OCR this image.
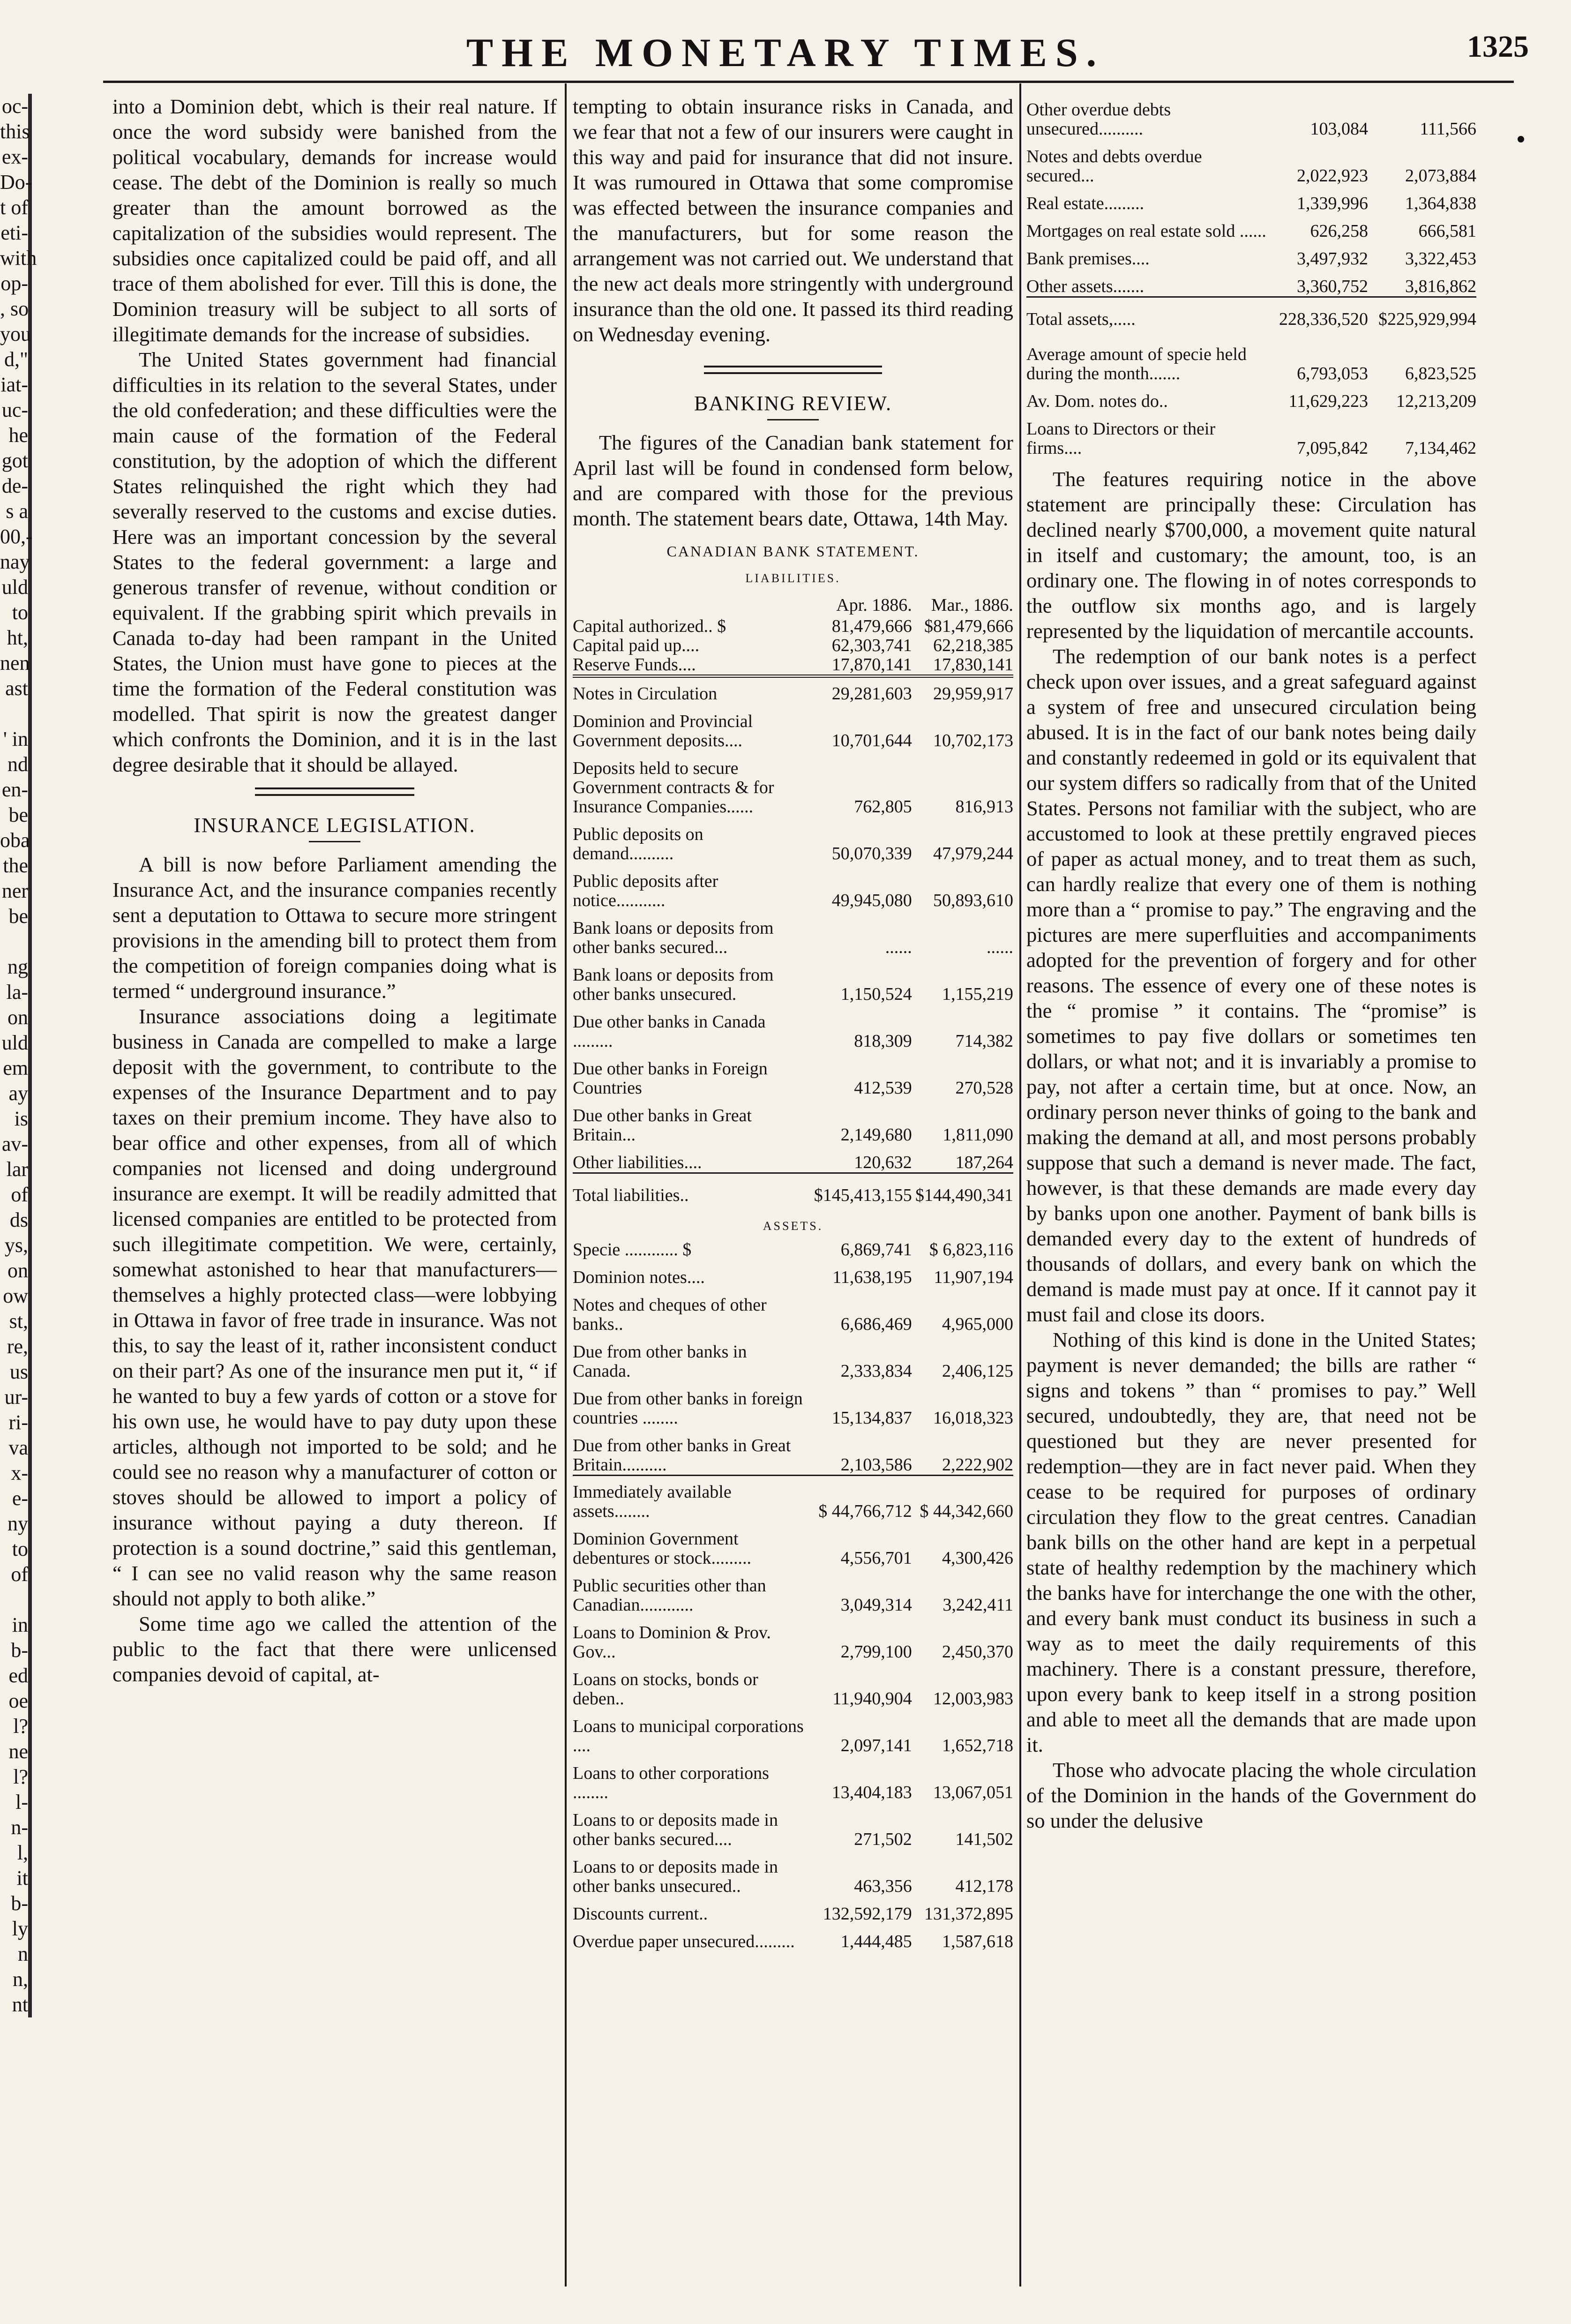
THE MONETARY TIMES.	1325
oc-
this
ex-
Do-
t of
eti-
with
op-
, so
you
d,"
iat-
uc-
he
got
de-
s a
00,-
nay
uld
to
ht,
nen
ast
' in
nd
en-
be
oba
the
ner
be
ng
la-
on
uld
em
ay
is
av-
lar
of
ds
ys,
on
ow
st,
re,
us
ur-
ri-
va
x-
e-
ny
to
of
in
b-
ed
oe
l?
ne
l?
l-
n-
l,
it
b-
ly
n
n,
nt

into a Dominion debt, which is their real nature. If once the word subsidy were banished from the political vocabulary, demands for increase would cease. The debt of the Dominion is really so much greater than the amount borrowed as the capitalization of the subsidies would represent. The subsidies once capitalized could be paid off, and all trace of them abolished for ever. Till this is done, the Dominion treasury will be subject to all sorts of illegitimate demands for the increase of subsidies.

The United States government had financial difficulties in its relation to the several States, under the old confederation; and these difficulties were the main cause of the formation of the Federal constitution, by the adoption of which the different States relinquished the right which they had severally reserved to the customs and excise duties. Here was an important concession by the several States to the federal government: a large and generous transfer of revenue, without condition or equivalent. If the grabbing spirit which prevails in Canada to-day had been rampant in the United States, the Union must have gone to pieces at the time the formation of the Federal constitution was modelled. That spirit is now the greatest danger which confronts the Dominion, and it is in the last degree desirable that it should be allayed.

INSURANCE LEGISLATION.

A bill is now before Parliament amending the Insurance Act, and the insurance companies recently sent a deputation to Ottawa to secure more stringent provisions in the amending bill to protect them from the competition of foreign companies doing what is termed “ underground insurance.”

Insurance associations doing a legitimate business in Canada are compelled to make a large deposit with the government, to contribute to the expenses of the Insurance Department and to pay taxes on their premium income. They have also to bear office and other expenses, from all of which companies not licensed and doing underground insurance are exempt. It will be readily admitted that licensed companies are entitled to be protected from such illegitimate competition. We were, certainly, somewhat astonished to hear that manufacturers—themselves a highly protected class—were lobbying in Ottawa in favor of free trade in insurance. Was not this, to say the least of it, rather inconsistent conduct on their part? As one of the insurance men put it, “ if he wanted to buy a few yards of cotton or a stove for his own use, he would have to pay duty upon these articles, although not imported to be sold; and he could see no reason why a manufacturer of cotton or stoves should be allowed to import a policy of insurance without paying a duty thereon. If protection is a sound doctrine,” said this gentleman, “ I can see no valid reason why the same reason should not apply to both alike.”

Some time ago we called the attention of the public to the fact that there were unlicensed companies devoid of capital, at-

tempting to obtain insurance risks in Canada, and we fear that not a few of our insurers were caught in this way and paid for insurance that did not insure. It was rumoured in Ottawa that some compromise was effected between the insurance companies and the manufacturers, but for some reason the arrangement was not carried out. We understand that the new act deals more stringently with underground insurance than the old one. It passed its third reading on Wednesday evening.

BANKING REVIEW.

The figures of the Canadian bank statement for April last will be found in condensed form below, and are compared with those for the previous month. The statement bears date, Ottawa, 14th May.

CANADIAN BANK STATEMENT.
LIABILITIES.
	Apr. 1886.	Mar., 1886.
Capital authorized.. $	81,479,666	$81,479,666
Capital paid up....	62,303,741	62,218,385
Reserve Funds....	17,870,141	17,830,141
Notes in Circulation	29,281,603	29,959,917
Dominion and Provincial Government deposits....	10,701,644	10,702,173
Deposits held to secure Government contracts & for Insurance Companies......	762,805	816,913
Public deposits on demand..........	50,070,339	47,979,244
Public deposits after notice...........	49,945,080	50,893,610
Bank loans or deposits from other banks secured...	......	......
Bank loans or deposits from other banks unsecured.	1,150,524	1,155,219
Due other banks in Canada .........	818,309	714,382
Due other banks in Foreign Countries	412,539	270,528
Due other banks in Great Britain...	2,149,680	1,811,090
Other liabilities....	120,632	187,264
Total liabilities..	$145,413,155	$144,490,341
ASSETS.		
Specie ............ $	6,869,741	$ 6,823,116
Dominion notes....	11,638,195	11,907,194
Notes and cheques of other banks..	6,686,469	4,965,000
Due from other banks in Canada.	2,333,834	2,406,125
Due from other banks in foreign countries ........	15,134,837	16,018,323
Due from other banks in Great Britain..........	2,103,586	2,222,902
Immediately available assets........	$ 44,766,712	$ 44,342,660
Dominion Government debentures or stock.........	4,556,701	4,300,426
Public securities other than Canadian............	3,049,314	3,242,411
Loans to Dominion & Prov. Gov...	2,799,100	2,450,370
Loans on stocks, bonds or deben..	11,940,904	12,003,983
Loans to municipal corporations ....	2,097,141	1,652,718
Loans to other corporations ........	13,404,183	13,067,051
Loans to or deposits made in other banks secured....	271,502	141,502
Loans to or deposits made in other banks unsecured..	463,356	412,178
Discounts current..	132,592,179	131,372,895
Overdue paper unsecured.........	1,444,485	1,587,618
Other overdue debts unsecured..........	103,084	111,566
Notes and debts overdue secured...	2,022,923	2,073,884
Real estate.........	1,339,996	1,364,838
Mortgages on real estate sold ......	626,258	666,581
Bank premises....	3,497,932	3,322,453
Other assets.......	3,360,752	3,816,862
Total assets,.....	228,336,520	$225,929,994
Average amount of specie held during the month.......	6,793,053	6,823,525
Av. Dom. notes do..	11,629,223	12,213,209
Loans to Directors or their firms....	7,095,842	7,134,462

The features requiring notice in the above statement are principally these: Circulation has declined nearly $700,000, a movement quite natural in itself and customary; the amount, too, is an ordinary one. The flowing in of notes corresponds to the outflow six months ago, and is largely represented by the liquidation of mercantile accounts.

The redemption of our bank notes is a perfect check upon over issues, and a great safeguard against a system of free and unsecured circulation being abused. It is in the fact of our bank notes being daily and constantly redeemed in gold or its equivalent that our system differs so radically from that of the United States. Persons not familiar with the subject, who are accustomed to look at these prettily engraved pieces of paper as actual money, and to treat them as such, can hardly realize that every one of them is nothing more than a “ promise to pay.” The engraving and the pictures are mere superfluities and accompaniments adopted for the prevention of forgery and for other reasons. The essence of every one of these notes is the “ promise ” it contains. The “promise” is sometimes to pay five dollars or sometimes ten dollars, or what not; and it is invariably a promise to pay, not after a certain time, but at once. Now, an ordinary person never thinks of going to the bank and making the demand at all, and most persons probably suppose that such a demand is never made. The fact, however, is that these demands are made every day by banks upon one another. Payment of bank bills is demanded every day to the extent of hundreds of thousands of dollars, and every bank on which the demand is made must pay at once. If it cannot pay it must fail and close its doors.

Nothing of this kind is done in the United States; payment is never demanded; the bills are rather “ signs and tokens ” than “ promises to pay.” Well secured, undoubtedly, they are, that need not be questioned but they are never presented for redemption—they are in fact never paid. When they cease to be required for purposes of ordinary circulation they flow to the great centres. Canadian bank bills on the other hand are kept in a perpetual state of healthy redemption by the machinery which the banks have for interchange the one with the other, and every bank must conduct its business in such a way as to meet the daily requirements of this machinery. There is a constant pressure, therefore, upon every bank to keep itself in a strong position and able to meet all the demands that are made upon it.

Those who advocate placing the whole circulation of the Dominion in the hands of the Government do so under the delusive
